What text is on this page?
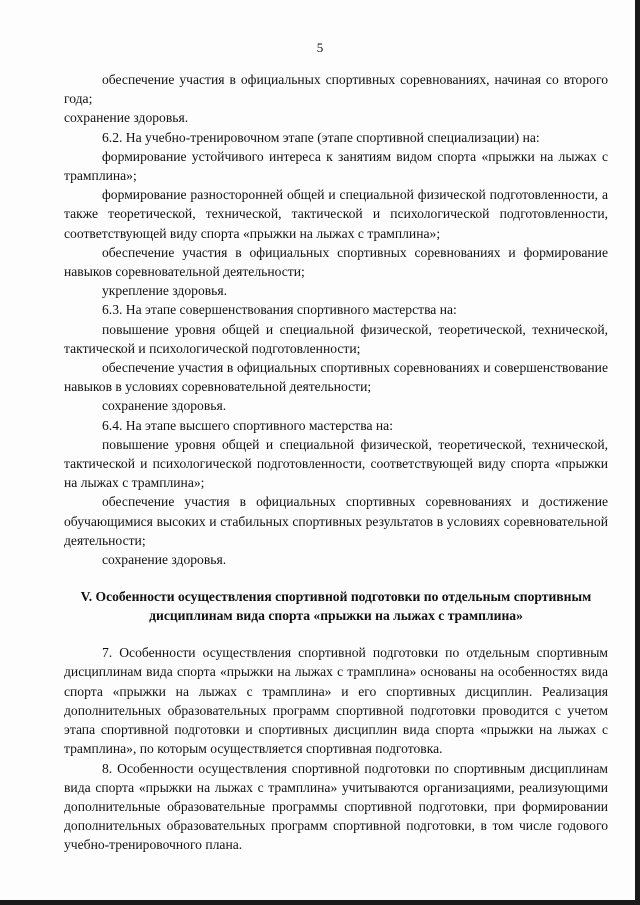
5

обеспечение участия в официальных спортивных соревнованиях, начиная со второго года;

сохранение здоровья.

6.2. На учебно-тренировочном этапе (этапе спортивной специализации) на:

формирование устойчивого интереса к занятиям видом спорта «прыжки на лыжах с трамплина»;

формирование разносторонней общей и специальной физической подготовленности, а также теоретической, технической, тактической и психологической подготовленности, соответствующей виду спорта «прыжки на лыжах с трамплина»;

обеспечение участия в официальных спортивных соревнованиях и формирование навыков соревновательной деятельности;

укрепление здоровья.

6.3. На этапе совершенствования спортивного мастерства на:

повышение уровня общей и специальной физической, теоретической, технической, тактической и психологической подготовленности;

обеспечение участия в официальных спортивных соревнованиях и совершенствование навыков в условиях соревновательной деятельности;

сохранение здоровья.

6.4. На этапе высшего спортивного мастерства на:

повышение уровня общей и специальной физической, теоретической, технической, тактической и психологической подготовленности, соответствующей виду спорта «прыжки на лыжах с трамплина»;

обеспечение участия в официальных спортивных соревнованиях и достижение обучающимися высоких и стабильных спортивных результатов в условиях соревновательной деятельности;

сохранение здоровья.

V. Особенности осуществления спортивной подготовки по отдельным спортивным дисциплинам вида спорта «прыжки на лыжах с трамплина»

7. Особенности осуществления спортивной подготовки по отдельным спортивным дисциплинам вида спорта «прыжки на лыжах с трамплина» основаны на особенностях вида спорта «прыжки на лыжах с трамплина» и его спортивных дисциплин. Реализация дополнительных образовательных программ спортивной подготовки проводится с учетом этапа спортивной подготовки и спортивных дисциплин вида спорта «прыжки на лыжах с трамплина», по которым осуществляется спортивная подготовка.

8. Особенности осуществления спортивной подготовки по спортивным дисциплинам вида спорта «прыжки на лыжах с трамплина» учитываются организациями, реализующими дополнительные образовательные программы спортивной подготовки, при формировании дополнительных образовательных программ спортивной подготовки, в том числе годового учебно-тренировочного плана.
